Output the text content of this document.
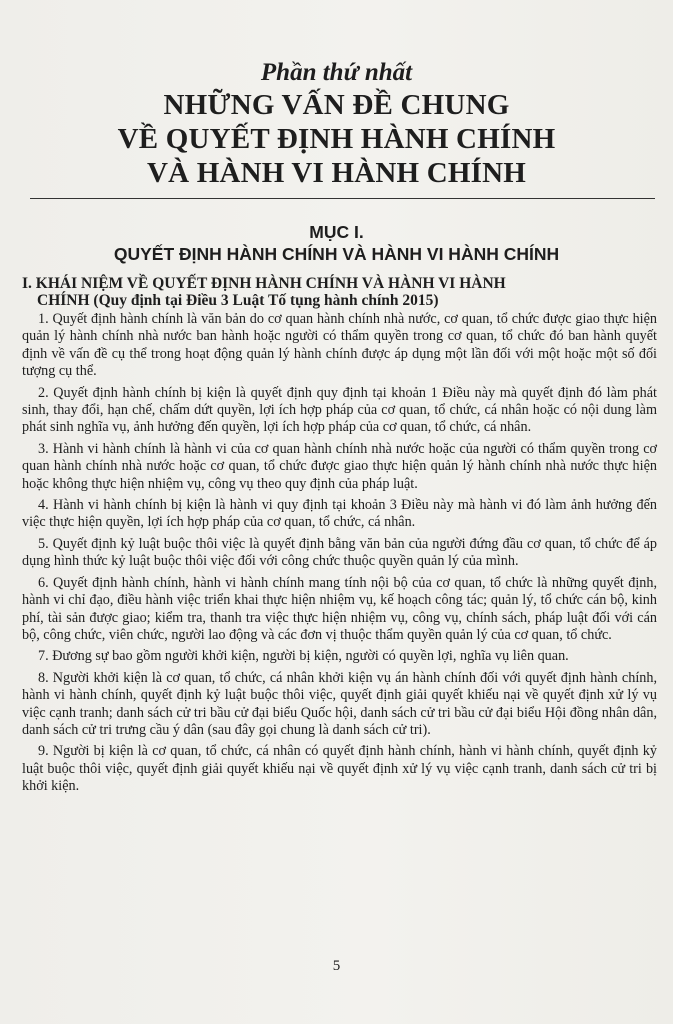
Phần thứ nhất
NHỮNG VẤN ĐỀ CHUNG
VỀ QUYẾT ĐỊNH HÀNH CHÍNH
VÀ HÀNH VI HÀNH CHÍNH
MỤC I.
QUYẾT ĐỊNH HÀNH CHÍNH VÀ HÀNH VI HÀNH CHÍNH
I. KHÁI NIỆM VỀ QUYẾT ĐỊNH HÀNH CHÍNH VÀ HÀNH VI HÀNH
CHÍNH (Quy định tại Điều 3 Luật Tố tụng hành chính 2015)

1. Quyết định hành chính là văn bản do cơ quan hành chính nhà nước, cơ quan, tổ chức được giao thực hiện quản lý hành chính nhà nước ban hành hoặc người có thẩm quyền trong cơ quan, tổ chức đó ban hành quyết định về vấn đề cụ thể trong hoạt động quản lý hành chính được áp dụng một lần đối với một hoặc một số đối tượng cụ thể.

2. Quyết định hành chính bị kiện là quyết định quy định tại khoản 1 Điều này mà quyết định đó làm phát sinh, thay đổi, hạn chế, chấm dứt quyền, lợi ích hợp pháp của cơ quan, tổ chức, cá nhân hoặc có nội dung làm phát sinh nghĩa vụ, ảnh hưởng đến quyền, lợi ích hợp pháp của cơ quan, tổ chức, cá nhân.

3. Hành vi hành chính là hành vi của cơ quan hành chính nhà nước hoặc của người có thẩm quyền trong cơ quan hành chính nhà nước hoặc cơ quan, tổ chức được giao thực hiện quản lý hành chính nhà nước thực hiện hoặc không thực hiện nhiệm vụ, công vụ theo quy định của pháp luật.

4. Hành vi hành chính bị kiện là hành vi quy định tại khoản 3 Điều này mà hành vi đó làm ảnh hưởng đến việc thực hiện quyền, lợi ích hợp pháp của cơ quan, tổ chức, cá nhân.

5. Quyết định kỷ luật buộc thôi việc là quyết định bằng văn bản của người đứng đầu cơ quan, tổ chức để áp dụng hình thức kỷ luật buộc thôi việc đối với công chức thuộc quyền quản lý của mình.

6. Quyết định hành chính, hành vi hành chính mang tính nội bộ của cơ quan, tổ chức là những quyết định, hành vi chỉ đạo, điều hành việc triển khai thực hiện nhiệm vụ, kế hoạch công tác; quản lý, tổ chức cán bộ, kinh phí, tài sản được giao; kiểm tra, thanh tra việc thực hiện nhiệm vụ, công vụ, chính sách, pháp luật đối với cán bộ, công chức, viên chức, người lao động và các đơn vị thuộc thẩm quyền quản lý của cơ quan, tổ chức.

7. Đương sự bao gồm người khởi kiện, người bị kiện, người có quyền lợi, nghĩa vụ liên quan.

8. Người khởi kiện là cơ quan, tổ chức, cá nhân khởi kiện vụ án hành chính đối với quyết định hành chính, hành vi hành chính, quyết định kỷ luật buộc thôi việc, quyết định giải quyết khiếu nại về quyết định xử lý vụ việc cạnh tranh; danh sách cử tri bầu cử đại biểu Quốc hội, danh sách cử tri bầu cử đại biểu Hội đồng nhân dân, danh sách cử tri trưng cầu ý dân (sau đây gọi chung là danh sách cử tri).

9. Người bị kiện là cơ quan, tổ chức, cá nhân có quyết định hành chính, hành vi hành chính, quyết định kỷ luật buộc thôi việc, quyết định giải quyết khiếu nại về quyết định xử lý vụ việc cạnh tranh, danh sách cử tri bị khởi kiện.

5
